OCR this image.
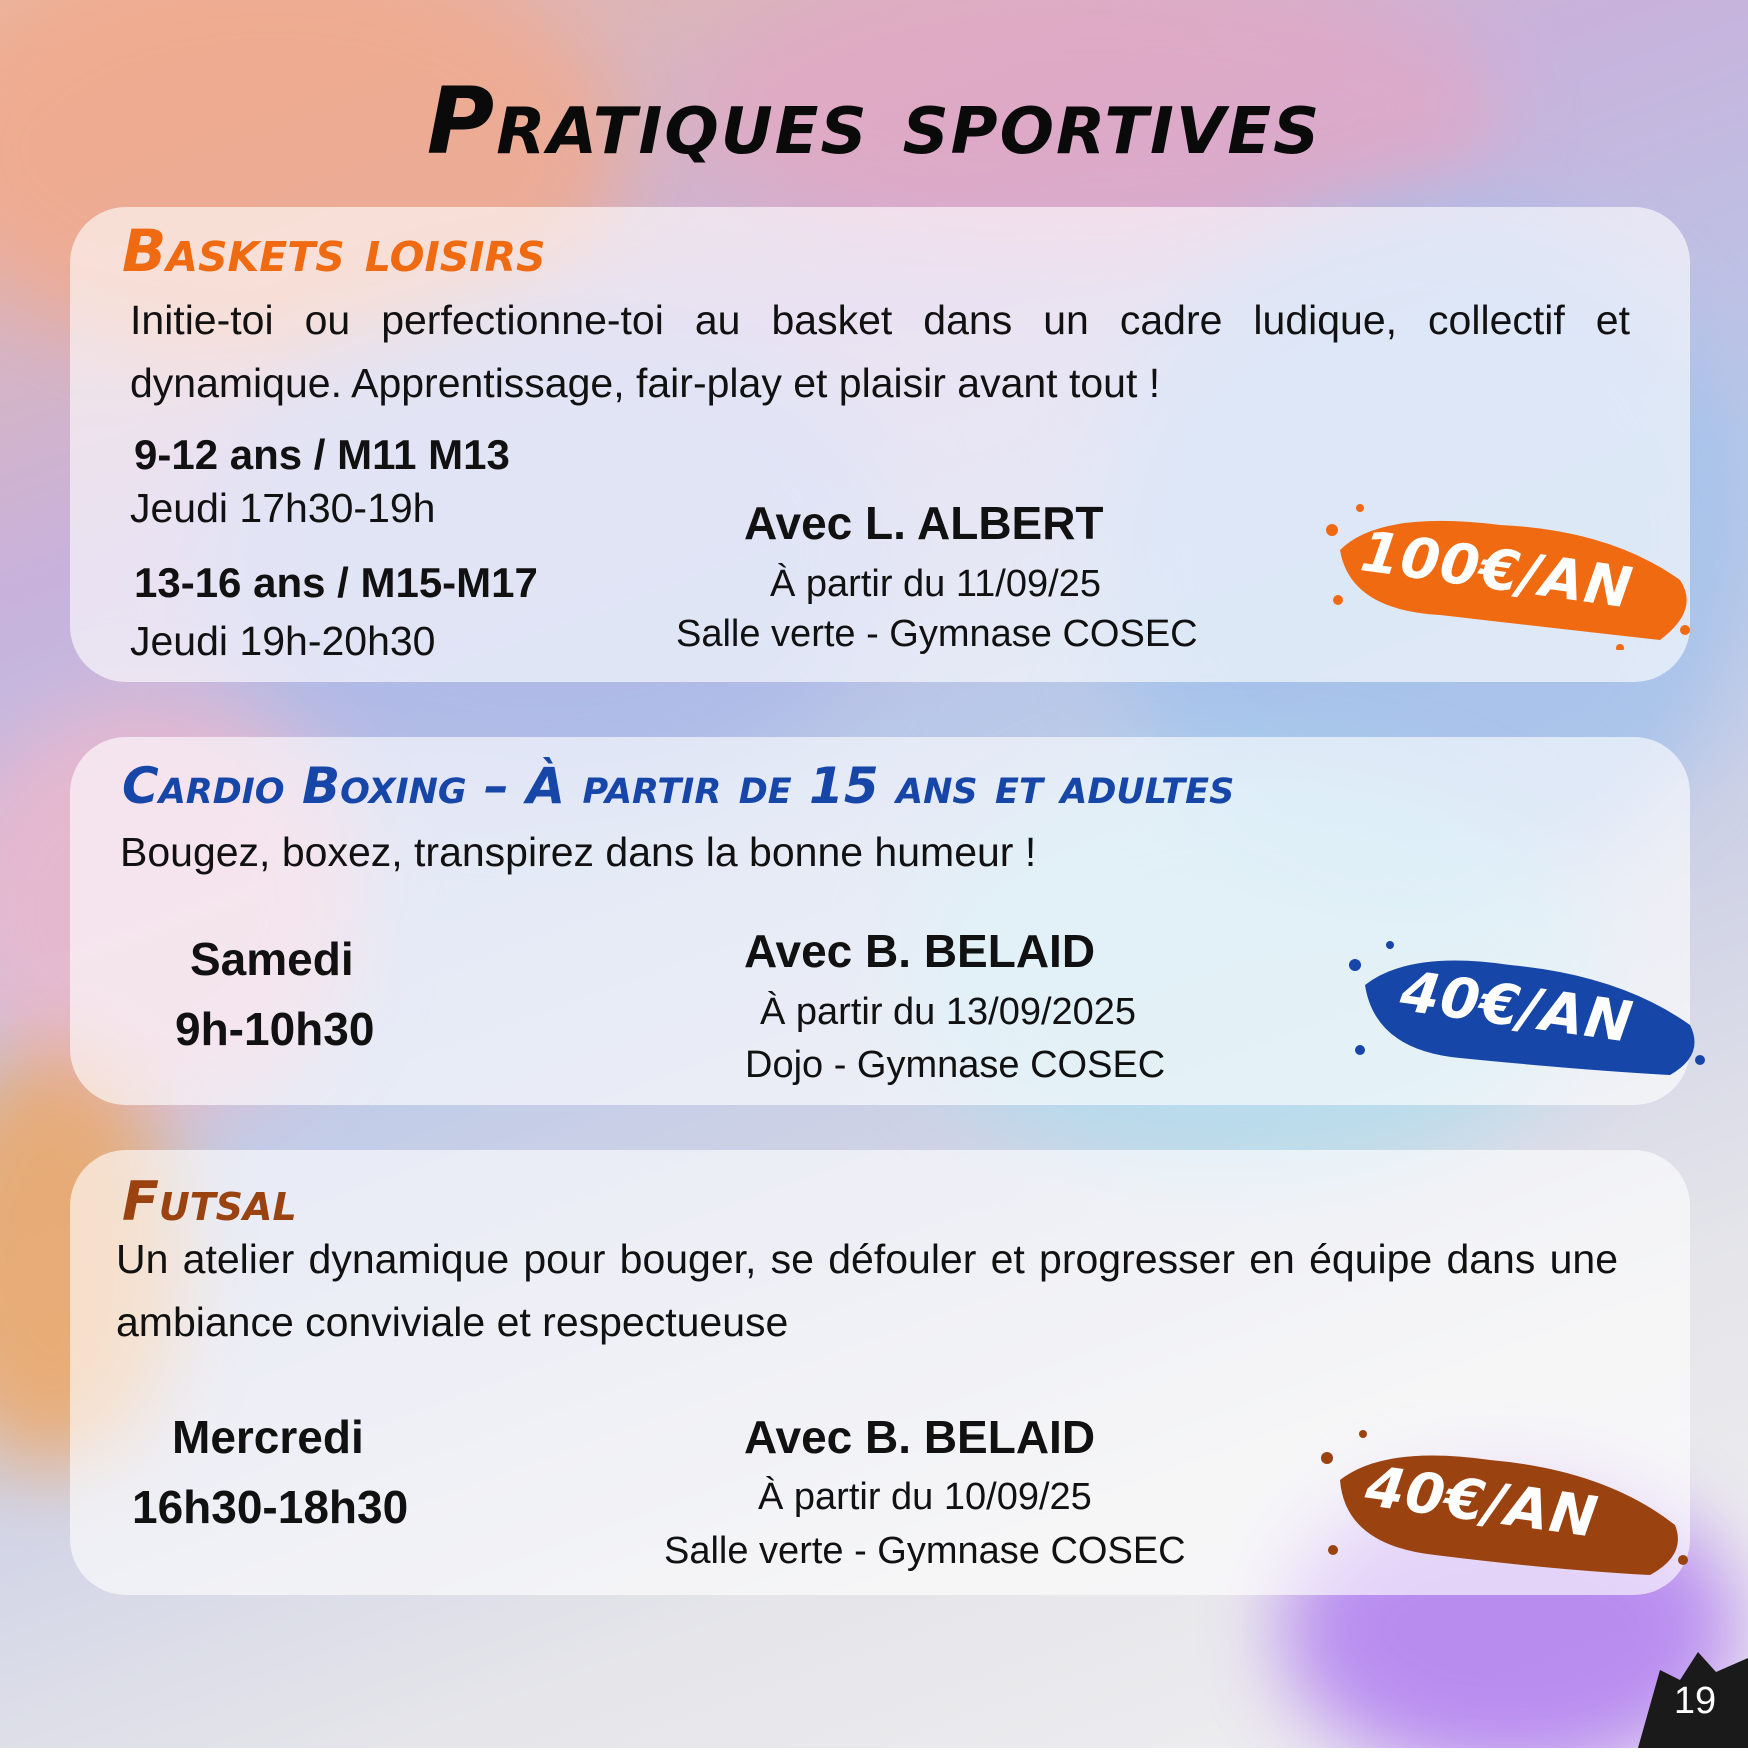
Pratiques sportives
Baskets loisirs
Initie-toi ou perfectionne-toi au basket dans un cadre ludique, collectif et dynamique. Apprentissage, fair-play et plaisir avant tout !
9-12 ans / M11 M13
Jeudi 17h30-19h
13-16 ans / M15-M17
Jeudi 19h-20h30
Avec L. ALBERT
À partir du 11/09/25
Salle verte - Gymnase COSEC
100€/AN
Cardio Boxing – À partir de 15 ans et adultes
Bougez, boxez, transpirez dans la bonne humeur !
Samedi
9h-10h30
Avec B. BELAID
À partir du 13/09/2025
Dojo - Gymnase COSEC
40€/AN
Futsal
Un atelier dynamique pour bouger, se défouler et progresser en équipe dans une ambiance conviviale et respectueuse
Mercredi
16h30-18h30
Avec B. BELAID
À partir du 10/09/25
Salle verte - Gymnase COSEC
40€/AN
19
